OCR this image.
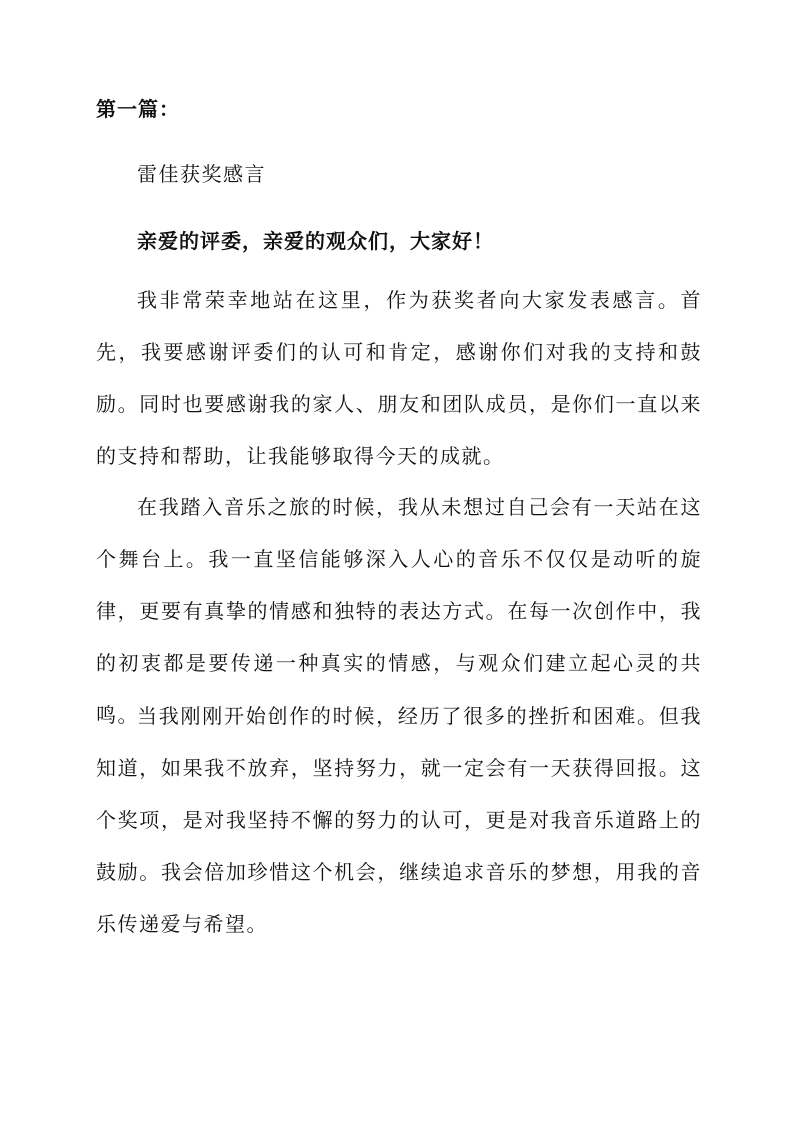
第一篇：
雷佳获奖感言
亲爱的评委，亲爱的观众们，大家好！

我非常荣幸地站在这里，作为获奖者向大家发表感言。首先，我要感谢评委们的认可和肯定，感谢你们对我的支持和鼓励。同时也要感谢我的家人、朋友和团队成员，是你们一直以来的支持和帮助，让我能够取得今天的成就。

在我踏入音乐之旅的时候，我从未想过自己会有一天站在这个舞台上。我一直坚信能够深入人心的音乐不仅仅是动听的旋律，更要有真挚的情感和独特的表达方式。在每一次创作中，我的初衷都是要传递一种真实的情感，与观众们建立起心灵的共鸣。

当我刚刚开始创作的时候，经历了很多的挫折和困难。但我知道，如果我不放弃，坚持努力，就一定会有一天获得回报。这个奖项，是对我坚持不懈的努力的认可，更是对我音乐道路上的鼓励。我会倍加珍惜这个机会，继续追求音乐的梦想，用我的音乐传递爱与希望。
